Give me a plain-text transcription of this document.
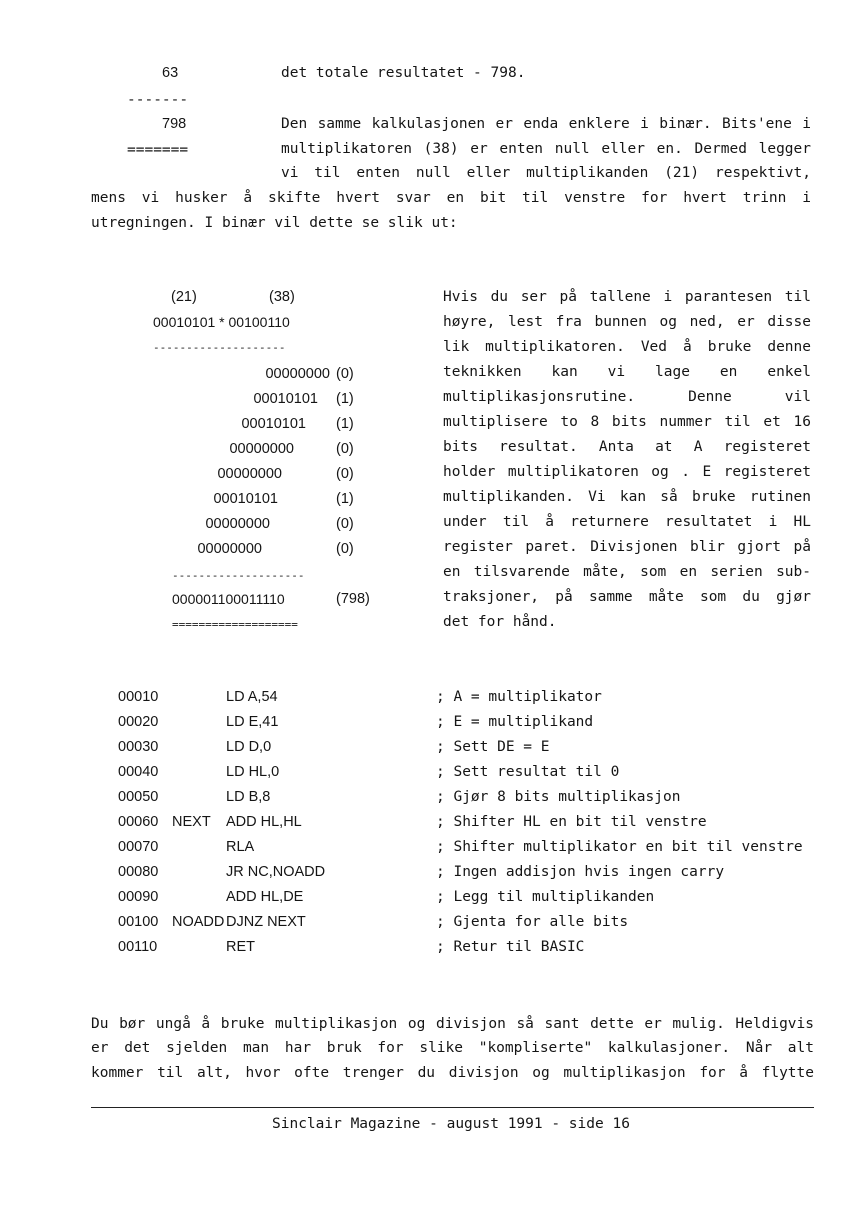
63
-------
798
=======
det totale resultatet - 798.
Den samme kalkulasjonen er enda enklere i binær. Bits'ene i
multiplikatoren (38) er enten null eller en. Dermed legger
vi til enten null eller multiplikanden (21) respektivt,
mens vi husker å skifte hvert svar en bit til venstre for hvert trinn i
utregningen. I binær vil dette se slik ut:
(21)	(38)
00010101 * 00100110
--------------------
00000000 (0)
00010101 (1)
00010101 (1)
00000000	(0)
00000000	(0)
00010101	(1)
00000000	(0)
00000000	(0)
--------------------
000001100011110	(798)
===================
Hvis du ser på tallene i parantesen til
høyre, lest fra bunnen og ned, er disse
lik multiplikatoren. Ved å bruke denne
teknikken kan vi lage en enkel
multiplikasjonsrutine. Denne vil
multiplisere to 8 bits nummer til et 16
bits resultat. Anta at A registeret
holder multiplikatoren og . E registeret
multiplikanden. Vi kan så bruke rutinen
under til å returnere resultatet i HL
register paret. Divisjonen blir gjort på
en tilsvarende måte, som en serien sub-
traksjoner, på samme måte som du gjør
det for hånd.
00010	LD A,54	; A = multiplikator
00020	LD E,41	; E = multiplikand
00030	LD D,0	; Sett DE = E
00040	LD HL,0	; Sett resultat til 0
00050	LD B,8	; Gjør 8 bits multiplikasjon
00060 NEXT ADD HL,HL	; Shifter HL en bit til venstre
00070	RLA	; Shifter multiplikator en bit til venstre
00080	JR NC,NOADD	; Ingen addisjon hvis ingen carry
00090	ADD HL,DE	; Legg til multiplikanden
00100 NOADD DJNZ NEXT	; Gjenta for alle bits
00110	RET	; Retur til BASIC
Du bør ungå å bruke multiplikasjon og divisjon så sant dette er mulig. Heldigvis
er det sjelden man har bruk for slike "kompliserte" kalkulasjoner. Når alt
kommer til alt, hvor ofte trenger du divisjon og multiplikasjon for å flytte
Sinclair Magazine - august 1991 - side 16
